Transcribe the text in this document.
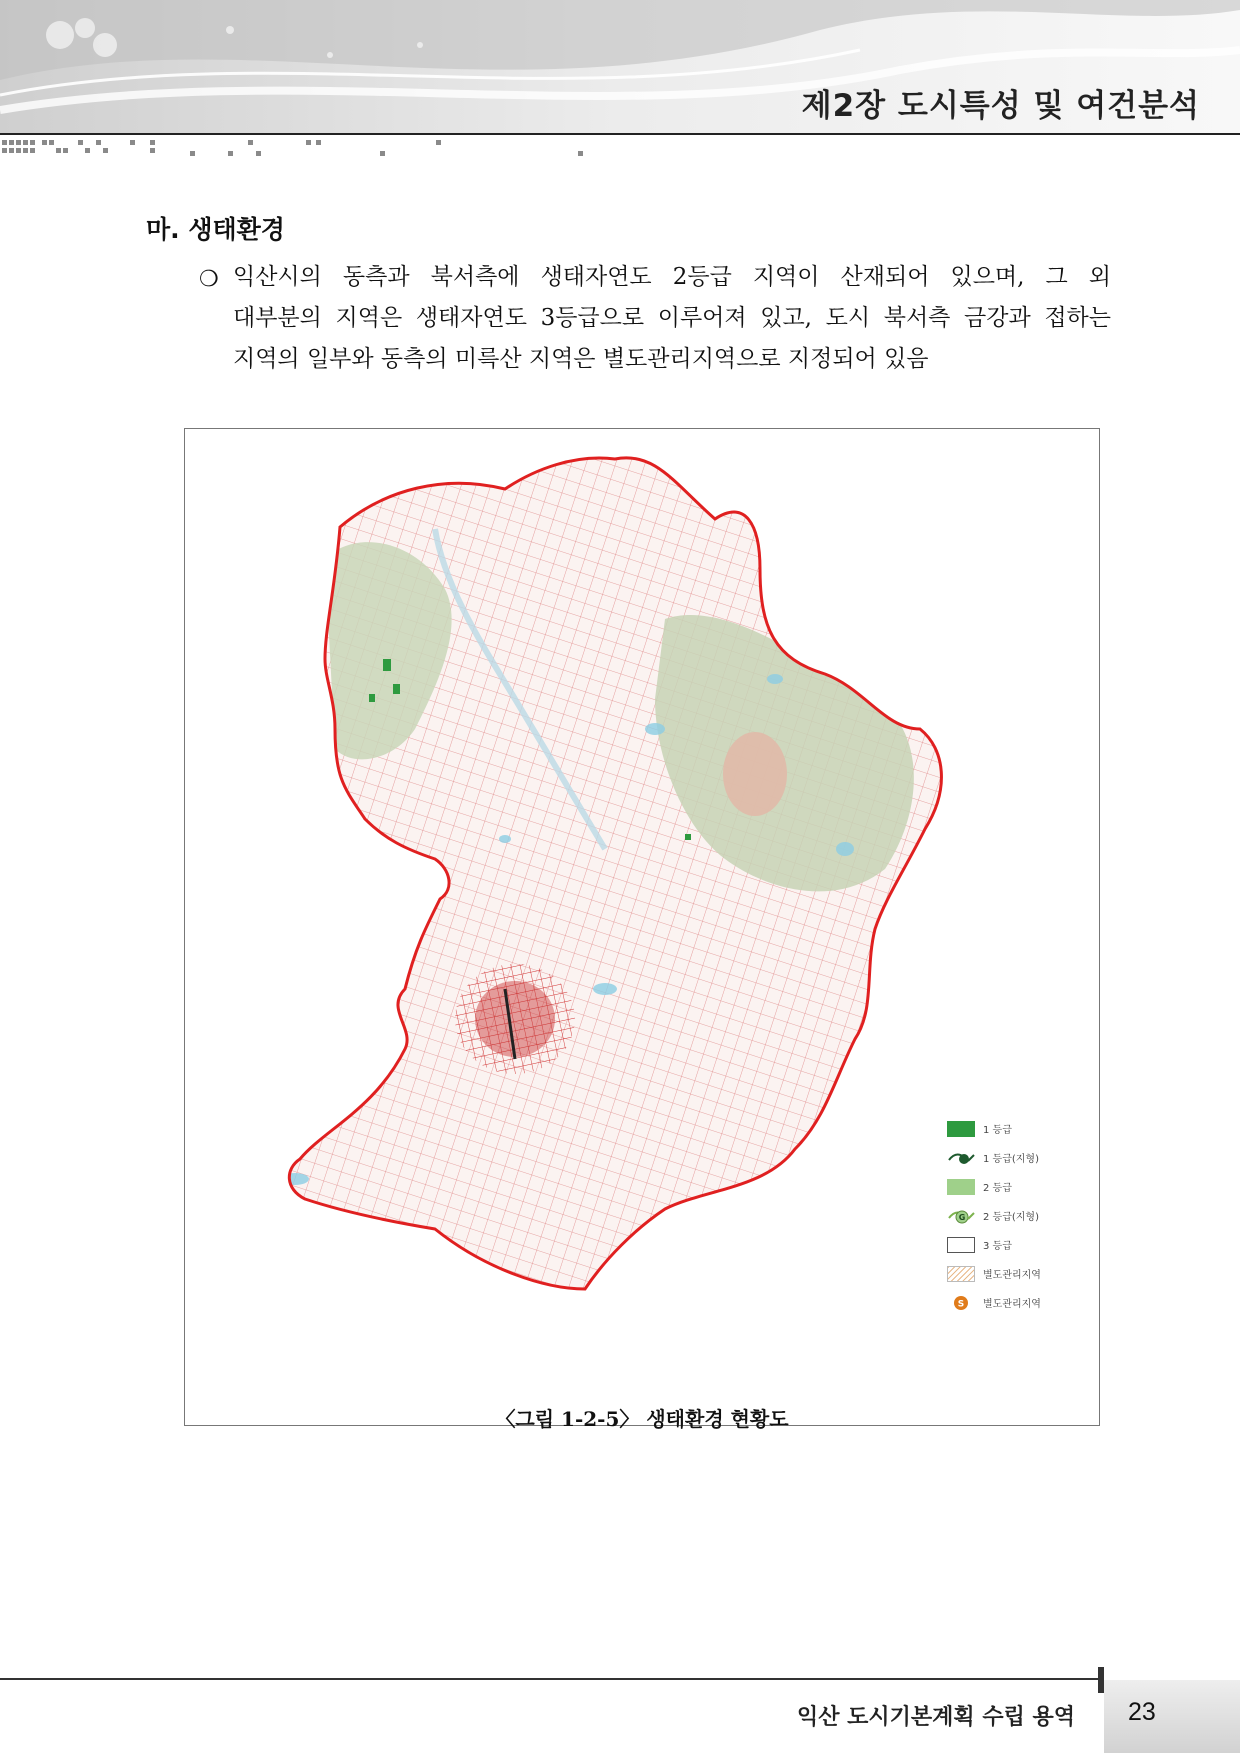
제2장 도시특성 및 여건분석
마. 생태환경
❍ 익산시의 동측과 북서측에 생태자연도 2등급 지역이 산재되어 있으며, 그 외
대부분의 지역은 생태자연도 3등급으로 이루어져 있고, 도시 북서측 금강과 접하는
지역의 일부와 동측의 미륵산 지역은 별도관리지역으로 지정되어 있음
1 등급
1 등급(지형)
2 등급
G 2 등급(지형)
3 등급
별도관리지역
S 별도관리지역
〈그림 1-2-5〉 생태환경 현황도
익산 도시기본계획 수립 용역 23
